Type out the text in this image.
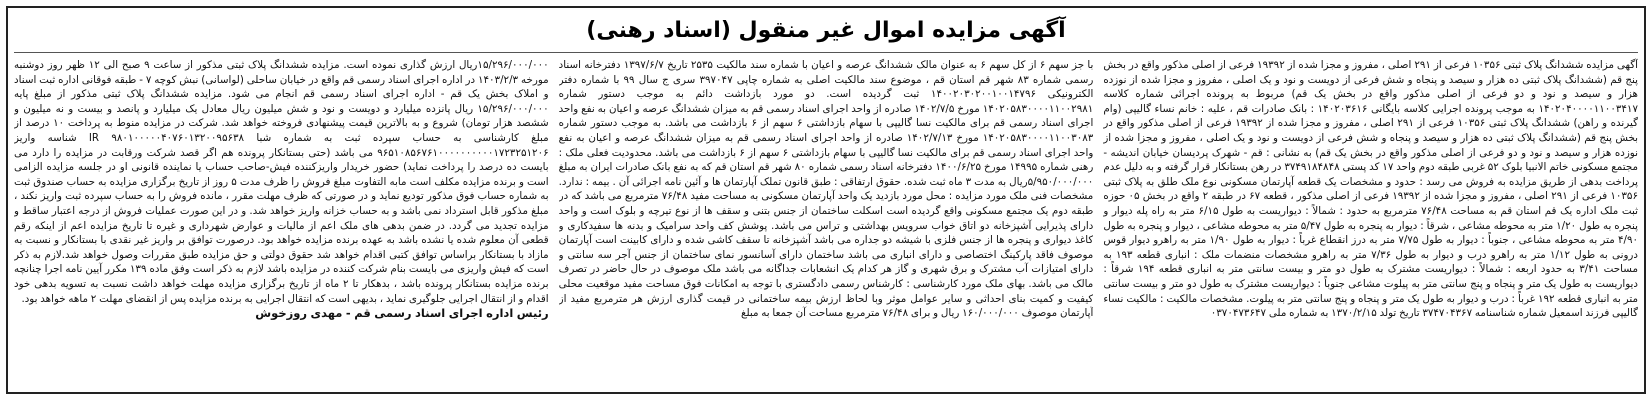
آگهی مزایده اموال غیر منقول (اسناد رهنی)

آگهی مزایده ششدانگ پلاک ثبتی ۱۰۳۵۶ فرعی از ۲۹۱ اصلی ، مفروز و مجزا شده از ۱۹۳۹۲ فرعی از اصلی مذکور واقع در بخش پنج قم (ششدانگ پلاک ثبتی ده هزار و سیصد و پنجاه و شش فرعی از دویست و نود و یک اصلی ، مفروز و مجزا شده از نوزده هزار و سیصد و نود و دو فرعی از اصلی مذکور واقع در بخش یک قم) مربوط به پرونده اجرائی شماره کلاسه ۱۴۰۲۰۴۰۰۰۰۱۱۰۰۳۴۱۷ به موجب پرونده اجرایی کلاسه بایگانی ۱۴۰۲۰۳۶۱۶ : بانک صادرات قم ، علیه : خانم نساء گالیپی (وام گیرنده و راهن) ششدانگ پلاک ثبتی ۱۰۳۵۶ فرعی از ۲۹۱ اصلی ، مفروز و مجزا شده از ۱۹۳۹۲ فرعی از اصلی مذکور واقع در بخش پنج قم (ششدانگ پلاک ثبتی ده هزار و سیصد و پنجاه و شش فرعی از دویست و نود و یک اصلی ، مفروز و مجزا شده از نوزده هزار و سیصد و نود و دو فرعی از اصلی مذکور واقع در بخش یک قم) به نشانی : قم - شهرک پردیسان خیابان اندیشه - مجتمع مسکونی خاتم الانبیا بلوک ۵۲ غربی طبقه دوم واحد ۱۷ کد پستی ۳۷۴۹۱۸۴۸۴۸ در رهن بستانکار قرار گرفته و به دلیل عدم پرداخت بدهی از طریق مزایده به فروش می رسد : حدود و مشخصات یک قطعه آپارتمان مسکونی نوع ملک طلق به پلاک ثبتی ۱۰۳۵۶ فرعی از ۲۹۱ اصلی ، مفروز و مجزا شده از ۱۹۳۹۲ فرعی از اصلی مذکور ، قطعه ۶۷ در طبقه ۲ واقع در بخش ۰۵ حوزه ثبت ملک اداره یک قم استان قم به مساحت ۷۶/۴۸ مترمربع به حدود : شمالاً : دیواریست به طول ۶/۱۵ متر به راه پله دیوار و پنجره به طول ۱/۲۰ متر به محوطه مشاعی ، شرقاً : دیوار به پنجره به طول ۵/۴۷ متر به محوطه مشاعی ، دیوار و پنجره به طول ۴/۹۰ متر به محوطه مشاعی ، جنوباً : دیوار به طول ۷/۷۵ متر به درز انقطاع غرباً : دیوار به طول ۱/۹۰ متر به راهرو دیوار قوس درونی به طول ۱/۱۲ متر به راهرو درب و دیوار به طول ۷/۳۶ متر به راهرو مشخصات منضمات ملک : انباری قطعه ۱۹۳ به مساحت ۳/۴۱ به حدود اربعه : شمالاً : دیواریست مشترک به طول دو متر و بیست سانتی متر به انباری قطعه ۱۹۴ شرقاً : دیواریست به طول یک متر و پنجاه و پنج سانتی متر به پیلوت مشاعی جنوباً : دیواریست مشترک به طول دو متر و بیست سانتی متر به انباری قطعه ۱۹۲ غرباً : درب و دیوار به طول یک متر و پنجاه و پنج سانتی متر به پیلوت. مشخصات مالکیت : مالکیت نساء گالیپی فرزند اسمعیل شماره شناسنامه ۳۷۴۷۰۴۳۶۷ تاریخ تولد ۱۳۷۰/۲/۱۵ به شماره ملی ۰۳۷۰۴۷۳۶۴۷

با جز سهم ۶ از کل سهم ۶ به عنوان مالک ششدانگ عرصه و اعیان با شماره سند مالکیت ۲۵۳۵ تاریخ ۱۳۹۷/۶/۷ دفترخانه اسناد رسمی شماره ۸۳ شهر قم استان قم ، موضوع سند مالکیت اصلی به شماره چاپی ۳۹۷۰۴۷ سری ج سال ۹۹ با شماره دفتر الکترونیکی ۱۴۰۰۲۰۳۰۲۰۰۱۰۰۱۴۷۹۶ ثبت گردیده است. دو مورد بازداشت دائم به موجب دستور شماره ۱۴۰۲۰۵۸۳۰۰۰۰۱۱۰۰۲۹۸۱ مورخ ۱۴۰۲/۷/۵ صادره از واحد اجرای اسناد رسمی قم به میزان ششدانگ عرصه و اعیان به نفع واحد اجرای اسناد رسمی قم برای مالکیت نسا گالیپی با سهام بازداشتی ۶ سهم از ۶ بازداشت می باشد. به موجب دستور شماره ۱۴۰۲۰۵۸۳۰۰۰۰۱۱۰۰۳۰۸۳ مورخ ۱۴۰۲/۷/۱۳ صادره از واحد اجرای اسناد رسمی قم به میزان ششدانگ عرصه و اعیان به نفع واحد اجرای اسناد رسمی قم برای مالکیت نسا گالیپی با سهام بازداشتی ۶ سهم از ۶ بازداشت می باشد. محدودیت فعلی ملک : رهنی شماره ۱۴۹۹۵ مورخ ۱۴۰۰/۶/۲۵ دفترخانه اسناد رسمی شماره ۸۰ شهر قم استان قم که به نفع بانک صادرات ایران به مبلغ ۵/۹۵۰/۰۰۰/۰۰۰ریال به مدت ۳ ماه ثبت شده. حقوق ارتفاقی : طبق قانون تملک آپارتمان ها و آئین نامه اجرائی آن . بیمه : ندارد. مشخصات فنی ملک مورد مزایده : محل مورد بازدید یک واحد آپارتمان مسکونی به مساحت مفید ۷۶/۴۸ مترمربع می باشد که در طبقه دوم یک مجتمع مسکونی واقع گردیده است اسکلت ساختمان از جنس بتنی و سقف ها از نوع تیرچه و بلوک است و واحد دارای پذیرایی آشپزخانه دو اتاق خواب سرویس بهداشتی و تراس می باشد. پوشش کف واحد سرامیک و بدنه ها سفیدکاری و کاغذ دیواری و پنجره ها از جنس فلزی با شیشه دو جداره می باشد آشپزخانه تا سقف کاشی شده و دارای کابینت است آپارتمان موصوف فاقد پارکینگ اختصاصی و دارای انباری می باشد ساختمان دارای آسانسور نمای ساختمان از جنس آجر سه سانتی و دارای امتیازات آب مشترک و برق شهری و گاز هر کدام یک انشعابات جداگانه می باشد ملک موصوف در حال حاضر در تصرف مالک می باشد. بهای ملک مورد کارشناسی : کارشناس رسمی دادگستری با توجه به امکانات فوق مساحت مفید موقعیت محلی کیفیت و کمیت بنای احداثی و سایر عوامل موثر وبا لحاظ ارزش بیمه ساختمانی در قیمت گذاری ارزش هر مترمربع مفید از آپارتمان موصوف ۱۶۰/۰۰۰/۰۰۰ ریال و برای ۷۶/۴۸ مترمربع مساحت آن جمعا به مبلغ

۱۵/۲۹۶/۰۰۰/۰۰۰ریال ارزش گذاری نموده است. مزایده ششدانگ پلاک ثبتی مذکور از ساعت ۹ صبح الی ۱۲ ظهر روز دوشنبه مورخه ۱۴۰۳/۲/۳ در اداره اجرای اسناد رسمی قم واقع در خیابان ساحلی (لواسانی) نبش کوچه ۷ - طبقه فوقانی اداره ثبت اسناد و املاک بخش یک قم - اداره اجرای اسناد رسمی قم انجام می شود. مزایده ششدانگ پلاک ثبتی مذکور از مبلغ پایه ۱۵/۲۹۶/۰۰۰/۰۰۰ ریال پانزده میلیارد و دویست و نود و شش میلیون ریال معادل یک میلیارد و پانصد و بیست و نه میلیون و ششصد هزار تومان) شروع و به بالاترین قیمت پیشنهادی فروخته خواهد شد. شرکت در مزایده منوط به پرداخت ۱۰ درصد از مبلغ کارشناسی به حساب سپرده ثبت به شماره شبا IR ۹۸۰۱۰۰۰۰۰۴۰۷۶۰۱۳۲۰۰۹۵۶۳۸ شناسه واریز ۹۶۵۱۰۸۵۶۷۶۱۰۰۰۰۰۰۰۰۰۰۱۷۲۳۲۵۱۲۰۶ می باشد (حتی بستانکار پرونده هم اگر قصد شرکت ورقابت در مزایده را دارد می بایست ده درصد را پرداخت نماید) حضور خریدار واریزکننده فیش-صاحب حساب یا نماینده قانونی او در جلسه مزایده الزامی است و برنده مزایده مکلف است مابه التفاوت مبلغ فروش را ظرف مدت ۵ روز از تاریخ برگزاری مزایده به حساب صندوق ثبت به شماره حساب فوق مذکور تودیع نماید و در صورتی که ظرف مهلت مقرر ، مانده فروش را به حساب سپرده ثبت واریز نکند ، مبلغ مذکور قابل استرداد نمی باشد و به حساب خزانه واریز خواهد شد. و در این صورت عملیات فروش از درجه اعتبار ساقط و مزایده تجدید می گردد. در ضمن بدهی های ملک اعم از مالیات و عوارض شهرداری و غیره تا تاریخ مزایده اعم از اینکه رقم قطعی آن معلوم شده یا نشده باشد به عهده برنده مزایده خواهد بود. درصورت توافق بر واریز غیر نقدی با بستانکار و نسبت به مازاد با بستانکار براساس توافق کتبی اقدام خواهد شد حقوق دولتی و حق مزایده طبق مقررات وصول خواهد شد.لازم به ذکر است که فیش واریزی می بایست بنام شرکت کننده در مزایده باشد لازم به ذکر است وفق ماده ۱۳۹ مکرر آیین نامه اجرا چنانچه برنده مزایده بستانکار پرونده باشد ، بدهکار تا ۲ ماه از تاریخ برگزاری مزایده مهلت خواهد داشت نسبت به تسویه بدهی خود اقدام و از انتقال اجرایی جلوگیری نماید ، بدیهی است که انتقال اجرایی به برنده مزایده پس از انقضای مهلت ۲ ماهه خواهد بود.

رئیس اداره اجرای اسناد رسمی قم - مهدی روزخوش
